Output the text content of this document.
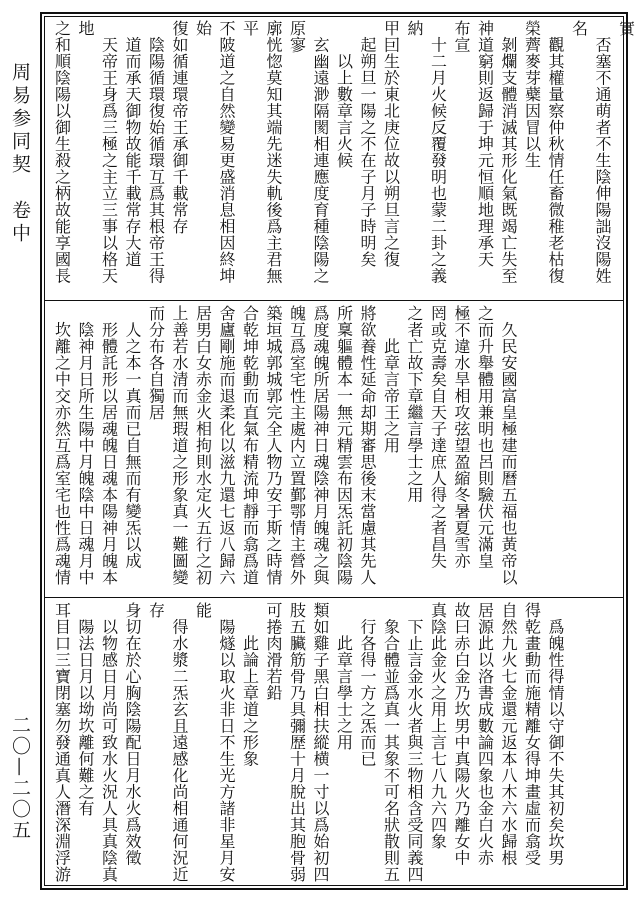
周易参同契　卷中
二〇—二〇五
實
　否塞不通萌者不生陰伸陽詘沒陽姓
名
　觀其權量察仲秋情任畜微稚老枯復
榮薺麥芽蘗因冒以生
　剝爛支體消滅其形化氣既竭亡失至
神道窮則返歸于坤元恒順地理承天
布宣
　十二月火候反覆發明也蒙二卦之義納
甲囙生於東北庚位故以朔旦言之復
　起朔旦一陽之不在子月子時明矣
　　以上數章言火候
　玄幽遠渺隔閡相連應度育種陰陽之原寥
廓恍惚莫知其端先迷失軌後爲主君無平
不陂道之自然變易更盛消息相因終坤始
復如循連環帝王承御千載常存
　陰陽循環復始循環互爲其根帝王得
　道而承天御物故能千載常存大道
　天帝王身爲三極之主立三事以格天地
之和順陰陽以御生殺之柄故能享國長
　久民安國富皇極建而曆五福也黃帝以
之而升舉體用兼明也呂則驗伏元滿皇
極不違水旱相攻弦望盈縮冬暑夏雪亦
罔或克壽矣自天子達庶人得之者昌失
之者亡故下章繼言學士之用
　　此章言帝王之用
將欲養性延命却期審思後末當慮其先人
所稟軀體本一無元精雲布因炁託初陰陽
爲度魂魄所居陽神日魂陰神月魄魂之與
魄互爲室宅性主處内立置鄞鄂情主營外
築垣城郭城郭完全人物乃安于斯之時情
合乾坤乾動而直氣布精流坤靜而翕爲道
舍廬剛施而退柔化以滋九還七返八歸六
居男白女赤金火相拘則水定火五行之初
上善若水清而無瑕道之形象真一難圖變
而分布各自獨居
　人之本一真而已自無而有變炁以成
　形體託形以居魂魄日魂本陽神月魄本
　陰神月日所生陽中月魄陰中日魂月中
　坎離之中交亦然互爲室宅也性爲魂情
　爲魄性得情以守御不失其初矣坎男
得乾畫動而施精離女得坤畫虛而翕受
自然九火七金還元返本八木六水歸根
居源此以洛書成數論四象也金白火赤
故曰赤白金乃坎男中真陽火乃離女中
真陰此金火之用上言七八九六四象
　下止言金水火者與三物相含受同義四
　象合體並爲真一其象不可名狀散則五
　行各得一方之炁而已
　　此章言學士之用
類如雞子黑白相扶縱横一寸以爲始初四
肢五臟筋骨乃具彌歷十月脫出其胞骨弱
可捲肉滑若鉛
　　此論上章道之形象
　陽燧以取火非日不生光方諸非星月安能
　得水漿二炁玄且遠感化尚相通何況近存
身切在於心胸陰陽配日月水火爲效徵
　以物感日月尚可致水火況人具真陰真
　陽法日月以坳坎離何難之有
耳目口三寶閉塞勿發通真人潛深淵浮游
